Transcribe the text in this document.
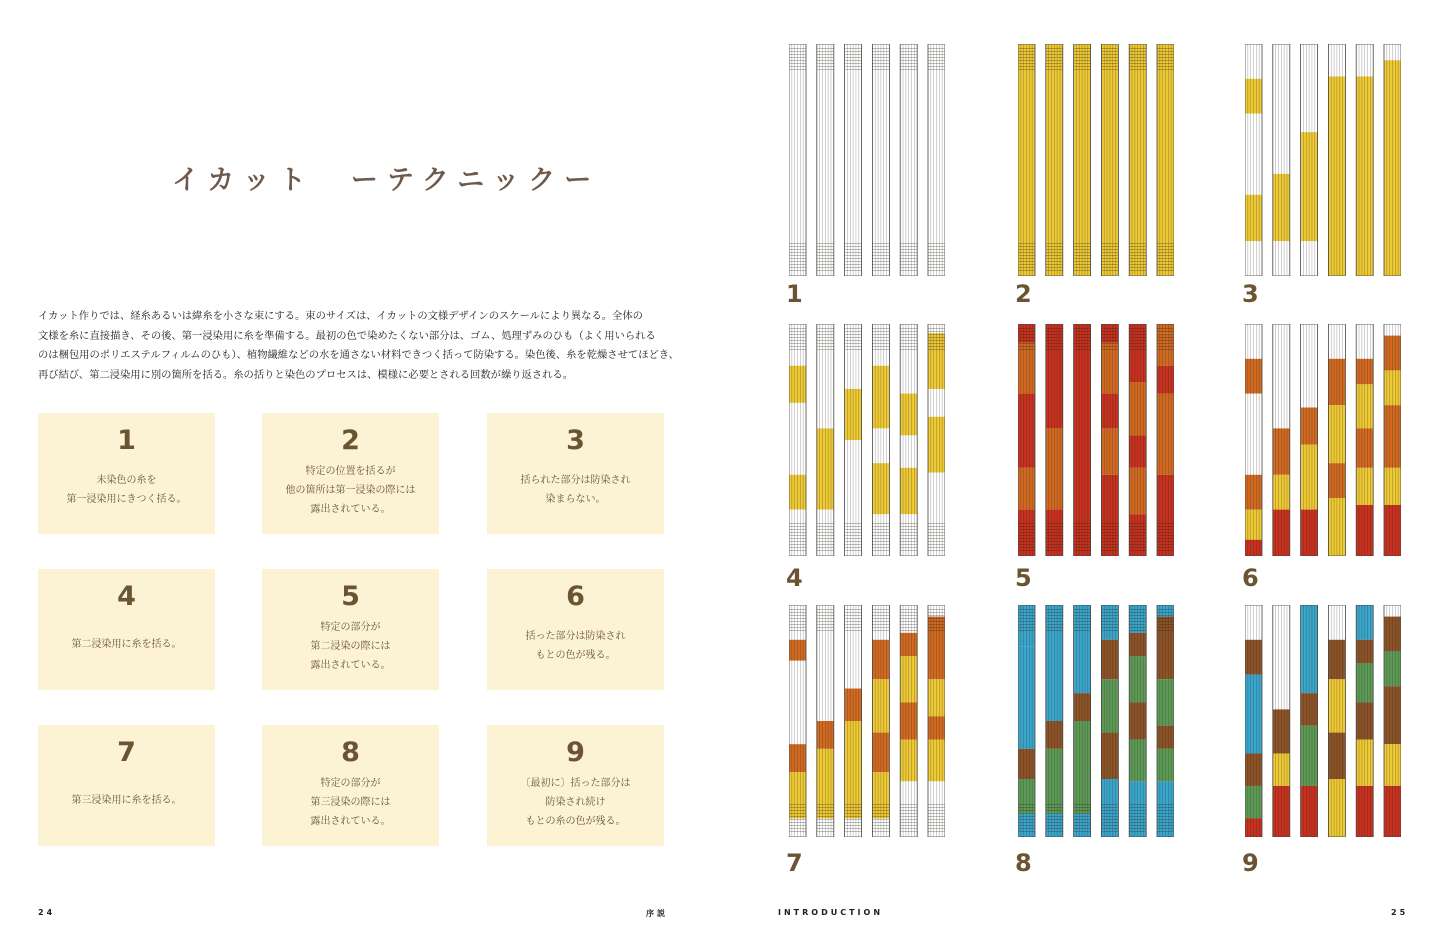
イカット　ーテクニックー

イカット作りでは、経糸あるいは緯糸を小さな束にする。束のサイズは、イカットの文様デザインのスケールにより異なる。全体の
文様を糸に直接描き、その後、第一浸染用に糸を準備する。最初の色で染めたくない部分は、ゴム、処理ずみのひも（よく用いられる
のは梱包用のポリエステルフィルムのひも）、植物繊維などの水を通さない材料できつく括って防染する。染色後、糸を乾燥させてほどき、
再び結び、第二浸染用に別の箇所を括る。糸の括りと染色のプロセスは、模様に必要とされる回数が繰り返される。

1
未染色の糸を
第一浸染用にきつく括る。
2
特定の位置を括るが
他の箇所は第一浸染の際には
露出されている。
3
括られた部分は防染され
染まらない。
4
第二浸染用に糸を括る。
5
特定の部分が
第二浸染の際には
露出されている。
6
括った部分は防染され
もとの色が残る。
7
第三浸染用に糸を括る。
8
特定の部分が
第三浸染の際には
露出されている。
9
〔最初に〕括った部分は
防染され続け
もとの糸の色が残る。
24	序説
1	2	3
4	5	6
7	8	9
INTRODUCTION	25
